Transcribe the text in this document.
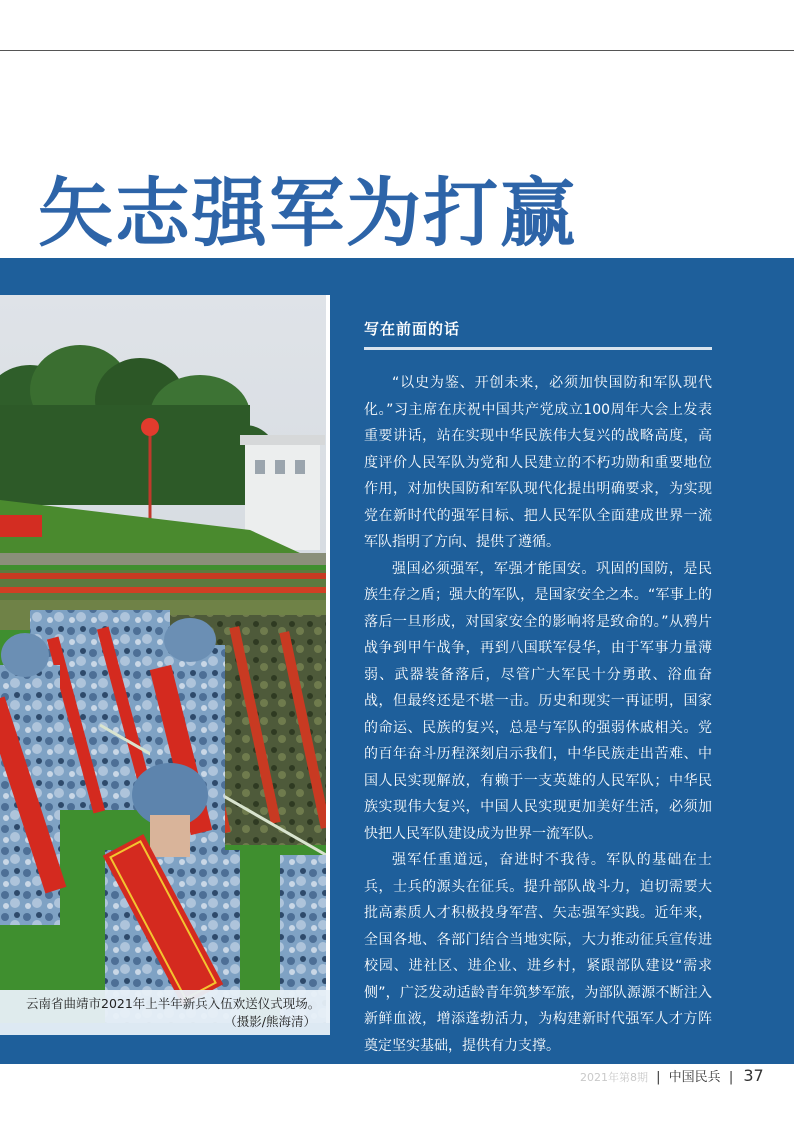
矢志强军为打赢
云南省曲靖市2021年上半年新兵入伍欢送仪式现场。
（摄影/熊海清）
写在前面的话

“以史为鉴、开创未来，必须加快国防和军队现代化。”习主席在庆祝中国共产党成立100周年大会上发表重要讲话，站在实现中华民族伟大复兴的战略高度，高度评价人民军队为党和人民建立的不朽功勋和重要地位作用，对加快国防和军队现代化提出明确要求，为实现党在新时代的强军目标、把人民军队全面建成世界一流军队指明了方向、提供了遵循。

强国必须强军，军强才能国安。巩固的国防，是民族生存之盾；强大的军队，是国家安全之本。“军事上的落后一旦形成，对国家安全的影响将是致命的。”从鸦片战争到甲午战争，再到八国联军侵华，由于军事力量薄弱、武器装备落后，尽管广大军民十分勇敢、浴血奋战，但最终还是不堪一击。历史和现实一再证明，国家的命运、民族的复兴，总是与军队的强弱休戚相关。党的百年奋斗历程深刻启示我们，中华民族走出苦难、中国人民实现解放，有赖于一支英雄的人民军队；中华民族实现伟大复兴，中国人民实现更加美好生活，必须加快把人民军队建设成为世界一流军队。

强军任重道远，奋进时不我待。军队的基础在士兵，士兵的源头在征兵。提升部队战斗力，迫切需要大批高素质人才积极投身军营、矢志强军实践。近年来，全国各地、各部门结合当地实际，大力推动征兵宣传进校园、进社区、进企业、进乡村，紧跟部队建设“需求侧”，广泛发动适龄青年筑梦军旅，为部队源源不断注入新鲜血液，增添蓬勃活力，为构建新时代强军人才方阵奠定坚实基础，提供有力支撑。

2021年第8期 | 中国民兵 | 37
